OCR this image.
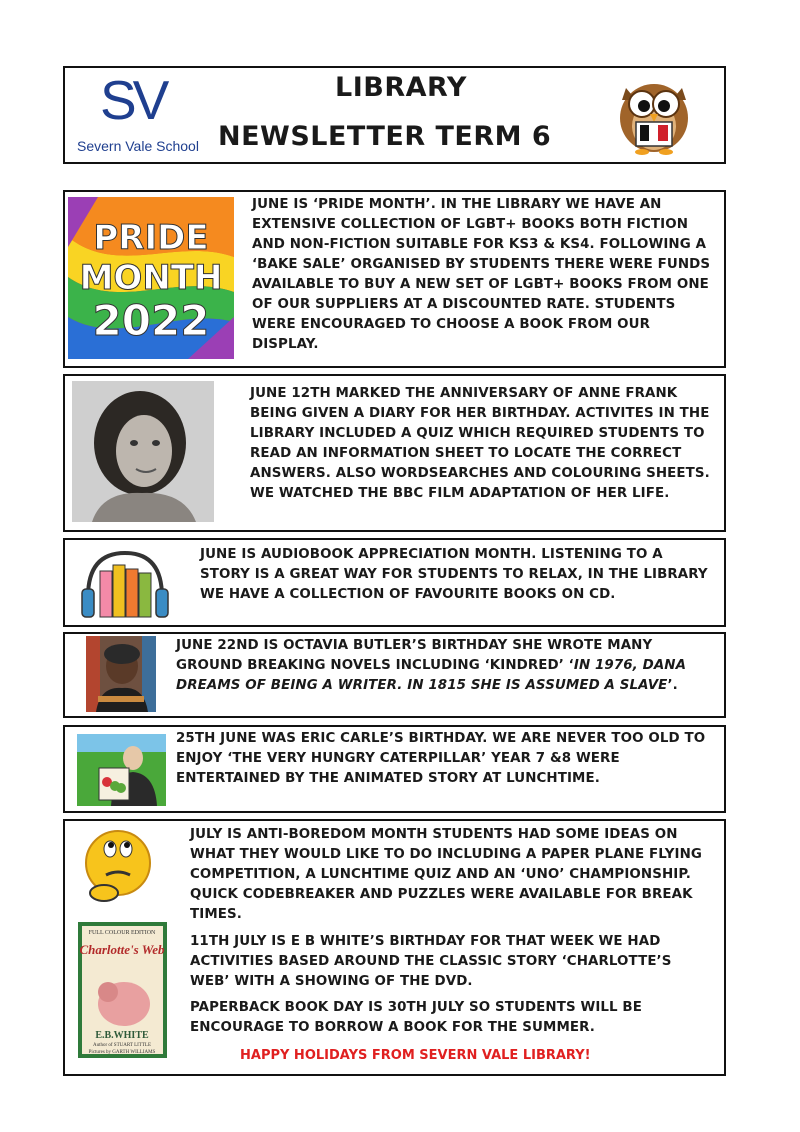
SV
Severn Vale School
LIBRARY
NEWSLETTER TERM 6
PRIDE
MONTH
2022
JUNE IS ‘PRIDE MONTH’. IN THE LIBRARY WE HAVE AN EXTENSIVE COLLECTION OF LGBT+ BOOKS BOTH FICTION AND NON-FICTION SUITABLE FOR KS3 & KS4. FOLLOWING A ‘BAKE SALE’ ORGANISED BY STUDENTS THERE WERE FUNDS AVAILABLE TO BUY A NEW SET OF LGBT+ BOOKS FROM ONE OF OUR SUPPLIERS AT A DISCOUNTED RATE. STUDENTS WERE ENCOURAGED TO CHOOSE A BOOK FROM OUR DISPLAY.
JUNE 12TH MARKED THE ANNIVERSARY OF ANNE FRANK BEING GIVEN A DIARY FOR HER BIRTHDAY. ACTIVITES IN THE LIBRARY INCLUDED A QUIZ WHICH REQUIRED STUDENTS TO READ AN INFORMATION SHEET TO LOCATE THE CORRECT ANSWERS. ALSO WORDSEARCHES AND COLOURING SHEETS. WE WATCHED THE BBC FILM ADAPTATION OF HER LIFE.
JUNE IS AUDIOBOOK APPRECIATION MONTH. LISTENING TO A STORY IS A GREAT WAY FOR STUDENTS TO RELAX, IN THE LIBRARY WE HAVE A COLLECTION OF FAVOURITE BOOKS ON CD.
JUNE 22ND IS OCTAVIA BUTLER’S BIRTHDAY SHE WROTE MANY GROUND BREAKING NOVELS INCLUDING ‘KINDRED’ ‘IN 1976, DANA DREAMS OF BEING A WRITER. IN 1815 SHE IS ASSUMED A SLAVE’.
25TH JUNE WAS ERIC CARLE’S BIRTHDAY. WE ARE NEVER TOO OLD TO ENJOY ‘THE VERY HUNGRY CATERPILLAR’ YEAR 7 &8 WERE ENTERTAINED BY THE ANIMATED STORY AT LUNCHTIME.
JULY IS ANTI-BOREDOM MONTH STUDENTS HAD SOME IDEAS ON WHAT THEY WOULD LIKE TO DO INCLUDING A PAPER PLANE FLYING COMPETITION, A LUNCHTIME QUIZ AND AN ‘UNO’ CHAMPIONSHIP. QUICK CODEBREAKER AND PUZZLES WERE AVAILABLE FOR BREAK TIMES.
FULL COLOUR EDITION
Charlotte's Web
E.B.WHITE
Author of STUART LITTLE
Pictures by GARTH WILLIAMS
11TH JULY IS E B WHITE’S BIRTHDAY FOR THAT WEEK WE HAD ACTIVITIES BASED AROUND THE CLASSIC STORY ‘CHARLOTTE’S WEB’ WITH A SHOWING OF THE DVD.
PAPERBACK BOOK DAY IS 30TH JULY SO STUDENTS WILL BE ENCOURAGE TO BORROW A BOOK FOR THE SUMMER.
HAPPY HOLIDAYS FROM SEVERN VALE LIBRARY!
